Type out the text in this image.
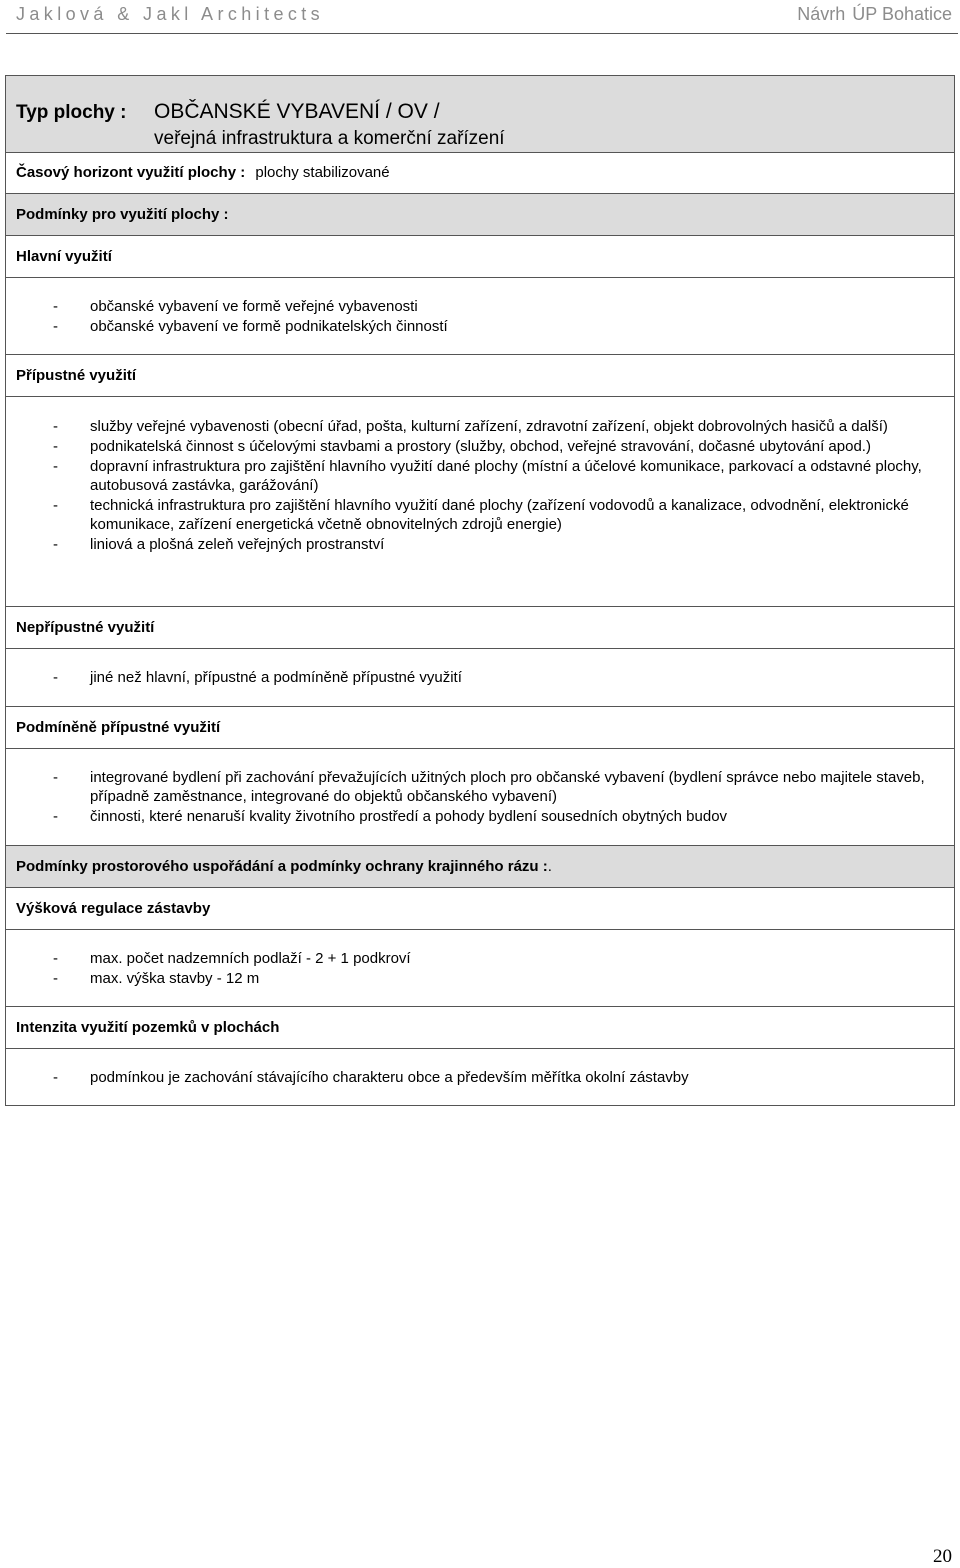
Jaklová & Jakl Architects	Návrh ÚP Bohatice
Typ plochy : OBČANSKÉ VYBAVENÍ / OV /
veřejná infrastruktura a komerční zařízení
Časový horizont využití plochy : plochy stabilizované
Podmínky pro využití plochy :
Hlavní využití
- občanské vybavení ve formě veřejné vybavenosti
- občanské vybavení ve formě podnikatelských činností
Přípustné využití
- služby veřejné vybavenosti (obecní úřad, pošta, kulturní zařízení, zdravotní zařízení, objekt dobrovolných hasičů a další)
- podnikatelská činnost s účelovými stavbami a prostory (služby, obchod, veřejné stravování, dočasné ubytování apod.)
- dopravní infrastruktura pro zajištění hlavního využití dané plochy (místní a účelové komunikace, parkovací a odstavné plochy, autobusová zastávka, garážování)
- technická infrastruktura pro zajištění hlavního využití dané plochy (zařízení vodovodů a kanalizace, odvodnění, elektronické komunikace, zařízení energetická včetně obnovitelných zdrojů energie)
- liniová a plošná zeleň veřejných prostranství
Nepřípustné využití
- jiné než hlavní, přípustné a podmíněně přípustné využití
Podmíněně přípustné využití
- integrované bydlení při zachování převažujících užitných ploch pro občanské vybavení (bydlení správce nebo majitele staveb, případně zaměstnance, integrované do objektů občanského vybavení)
- činnosti, které nenaruší kvality životního prostředí a pohody bydlení sousedních obytných budov
Podmínky prostorového uspořádání a podmínky ochrany krajinného rázu :.
Výšková regulace zástavby
- max. počet nadzemních podlaží - 2 + 1 podkroví
- max. výška stavby - 12 m
Intenzita využití pozemků v plochách
- podmínkou je zachování stávajícího charakteru obce a především měřítka okolní zástavby
20
